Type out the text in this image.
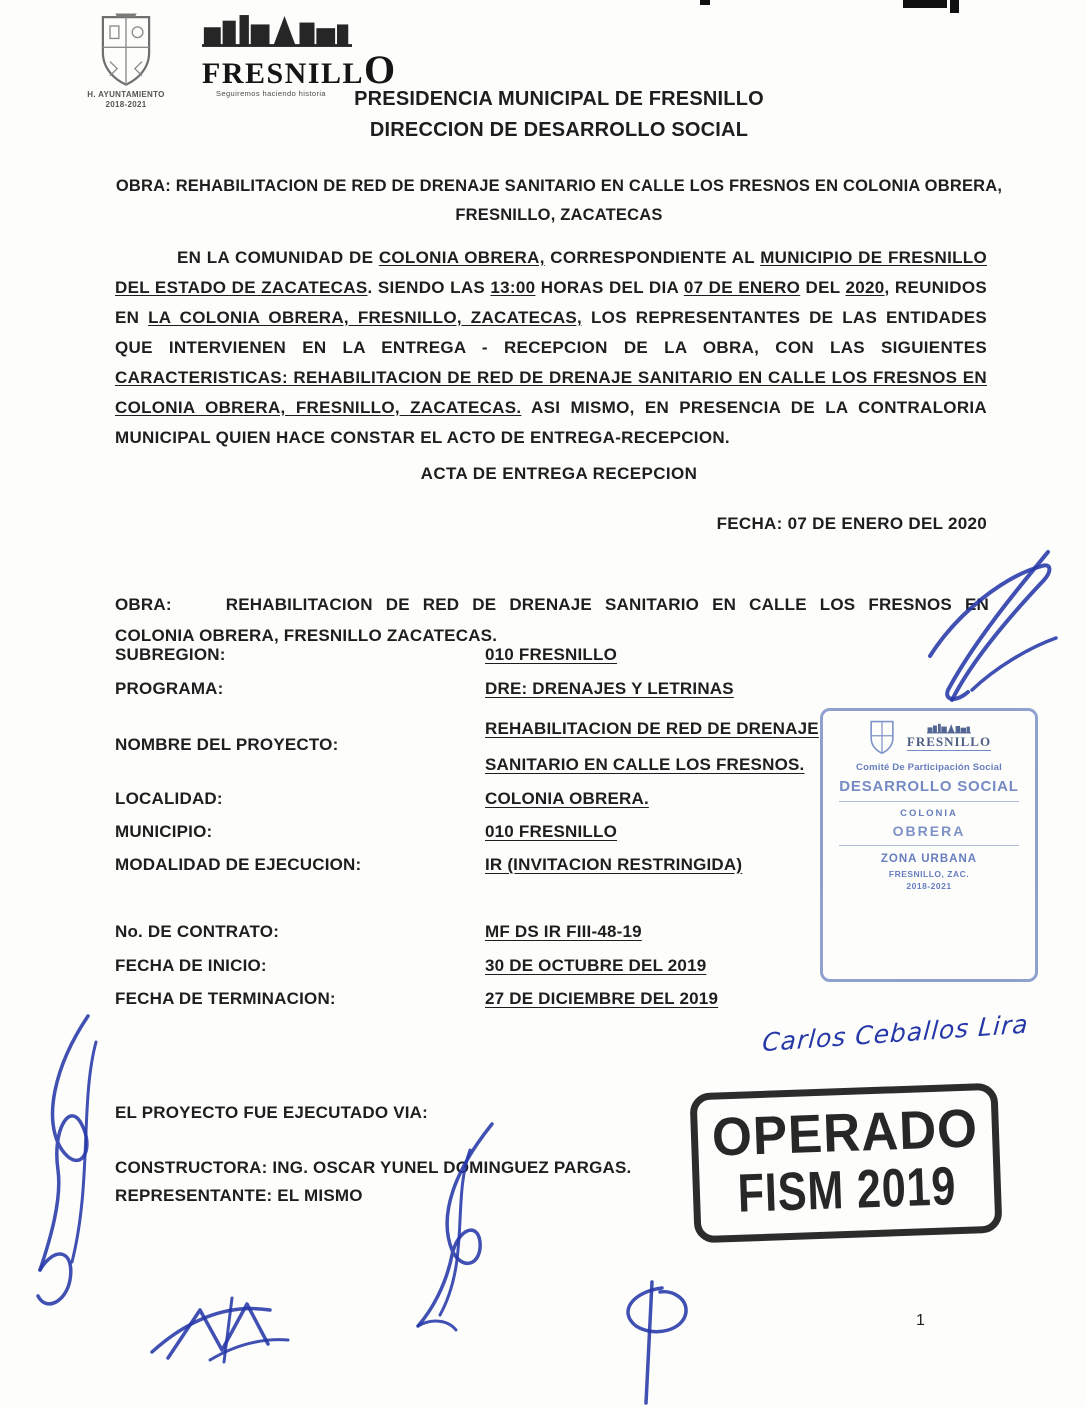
H. AYUNTAMIENTO
2018-2021
FRESNILL O
Seguiremos haciendo historia	PRESIDENCIA MUNICIPAL DE FRESNILLO
DIRECCION DE DESARROLLO SOCIAL
OBRA: REHABILITACION DE RED DE DRENAJE SANITARIO EN CALLE LOS FRESNOS EN COLONIA OBRERA,
FRESNILLO, ZACATECAS

EN LA COMUNIDAD DE COLONIA OBRERA, CORRESPONDIENTE AL MUNICIPIO DE FRESNILLO DEL ESTADO DE ZACATECAS. SIENDO LAS 13:00 HORAS DEL DIA 07 DE ENERO DEL 2020, REUNIDOS EN LA COLONIA OBRERA, FRESNILLO, ZACATECAS, LOS REPRESENTANTES DE LAS ENTIDADES QUE INTERVIENEN EN LA ENTREGA - RECEPCION DE LA OBRA, CON LAS SIGUIENTES CARACTERISTICAS: REHABILITACION DE RED DE DRENAJE SANITARIO EN CALLE LOS FRESNOS EN COLONIA OBRERA, FRESNILLO, ZACATECAS. ASI MISMO, EN PRESENCIA DE LA CONTRALORIA MUNICIPAL QUIEN HACE CONSTAR EL ACTO DE ENTREGA-RECEPCION.

ACTA DE ENTREGA RECEPCION
FECHA: 07 DE ENERO DEL 2020

OBRA:	REHABILITACION DE RED DE DRENAJE SANITARIO EN CALLE LOS FRESNOS EN COLONIA OBRERA, FRESNILLO ZACATECAS.

SUBREGION:	010 FRESNILLO
PROGRAMA:	DRE: DRENAJES Y LETRINAS
NOMBRE DEL PROYECTO:
REHABILITACION DE RED DE DRENAJE
SANITARIO EN CALLE LOS FRESNOS.
LOCALIDAD:	COLONIA OBRERA.
MUNICIPIO:	010 FRESNILLO
MODALIDAD DE EJECUCION:	IR (INVITACION RESTRINGIDA)
No. DE CONTRATO:	MF DS IR FIII-48-19
FECHA DE INICIO:	30 DE OCTUBRE DEL 2019
FECHA DE TERMINACION:	27 DE DICIEMBRE DEL 2019
EL PROYECTO FUE EJECUTADO VIA:
CONSTRUCTORA: ING. OSCAR YUNEL DOMINGUEZ PARGAS.
REPRESENTANTE: EL MISMO
FRESNILLO
Comité De Participación Social
DESARROLLO SOCIAL
COLONIA
OBRERA
ZONA URBANA
FRESNILLO, ZAC.
2018-2021
Carlos Ceballos Lira
OPERADO
FISM 2019
1
